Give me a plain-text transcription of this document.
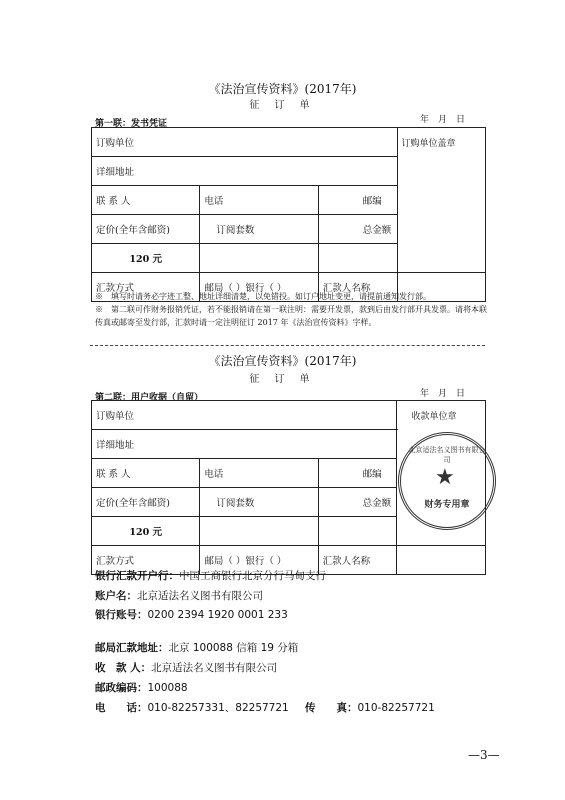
《法治宣传资料》(2017年)
征 订 单
第一联：发书凭证	年　月　日
订购单位			订购单位盖章
详细地址			
联 系 人	电话	邮编	
定价(全年含邮资)	订阅套数	总金额	
120 元			
汇款方式	邮局（ ）银行（ ）	汇款人名称	
※　填写时请务必字迹工整、地址详细清楚，以免错投。如订户地址变更，请提前通知发行部。
※　第二联可作财务报销凭证，若不能报销请在第一联注明：需要开发票，款到后由发行部开具发票。请将本联传真或邮寄至发行部，汇款时请一定注明征订 2017 年《法治宣传资料》字样。
《法治宣传资料》(2017年)
征 订 单
第二联：用户收据（自留）	年　月　日
订购单位			收款单位章
详细地址			
联 系 人	电话	邮编	
定价(全年含邮资)	订阅套数	总金额	
120 元			
汇款方式	邮局（ ）银行（ ）	汇款人名称	
北京适法名义图书有限公司
★
财务专用章
银行汇款开户行：中国工商银行北京分行马甸支行
账户名：北京适法名义图书有限公司
银行账号：0200 2394 1920 0001 233
邮局汇款地址：北京 100088 信箱 19 分箱
收　款 人：北京适法名义图书有限公司
邮政编码：100088
电　　话：010-82257331、82257721 传　　真：010-82257721
—3—
